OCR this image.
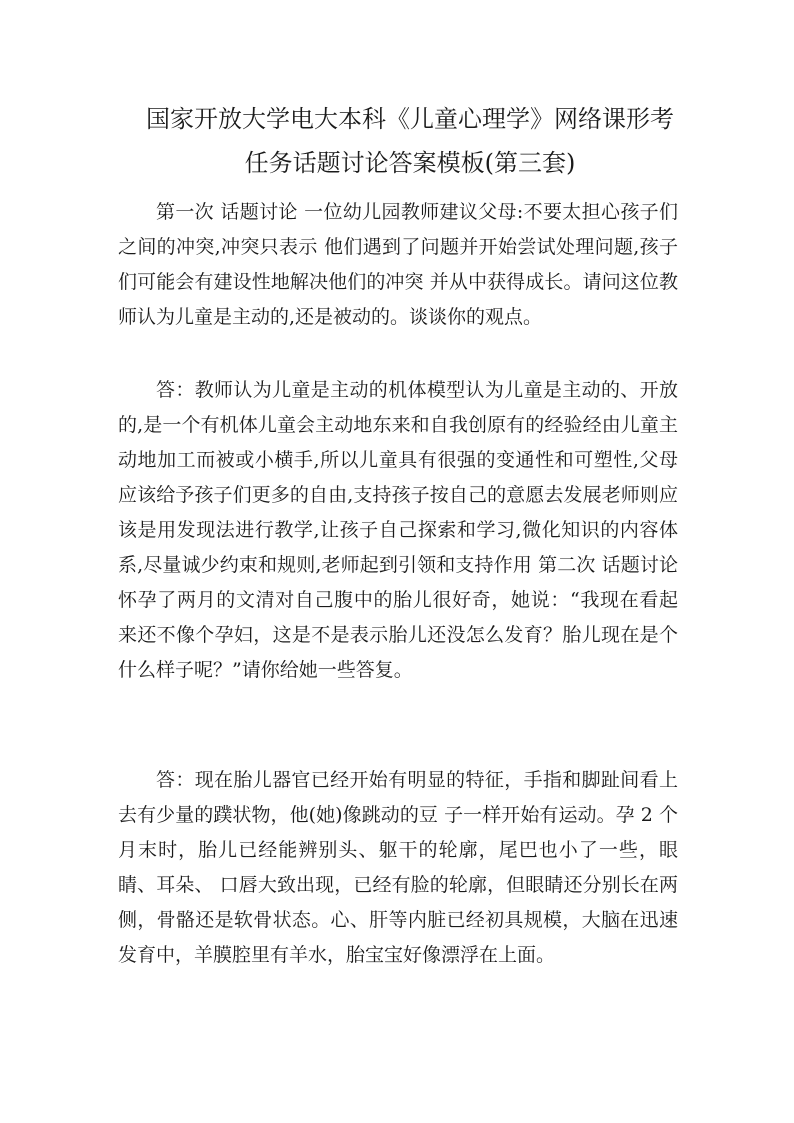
国家开放大学电大本科《儿童心理学》网络课形考
任务话题讨论答案模板(第三套)

第一次 话题讨论 一位幼儿园教师建议父母:不要太担心孩子们之间的冲突,冲突只表示 他们遇到了问题并开始尝试处理问题,孩子们可能会有建设性地解决他们的冲突 并从中获得成长。请问这位教师认为儿童是主动的,还是被动的。谈谈你的观点。

答：教师认为儿童是主动的机体模型认为儿童是主动的、开放的,是一个有机体儿童会主动地东来和自我创原有的经验经由儿童主动地加工而被或小横手,所以儿童具有很强的变通性和可塑性,父母应该给予孩子们更多的自由,支持孩子按自己的意愿去发展老师则应该是用发现法进行教学,让孩子自己探索和学习,微化知识的内容体系,尽量诚少约束和规则,老师起到引领和支持作用 第二次 话题讨论 怀孕了两月的文清对自己腹中的胎儿很好奇，她说：“我现在看起来还不像个孕妇，这是不是表示胎儿还没怎么发育？胎儿现在是个什么样子呢？”请你给她一些答复。

答：现在胎儿器官已经开始有明显的特征，手指和脚趾间看上去有少量的蹼状物，他(她)像跳动的豆 子一样开始有运动。孕 2 个月末时，胎儿已经能辨别头、躯干的轮廓，尾巴也小了一些，眼睛、耳朵、 口唇大致出现，已经有脸的轮廓，但眼睛还分别长在两侧，骨骼还是软骨状态。心、肝等内脏已经初具规模，大脑在迅速发育中，羊膜腔里有羊水，胎宝宝好像漂浮在上面。
